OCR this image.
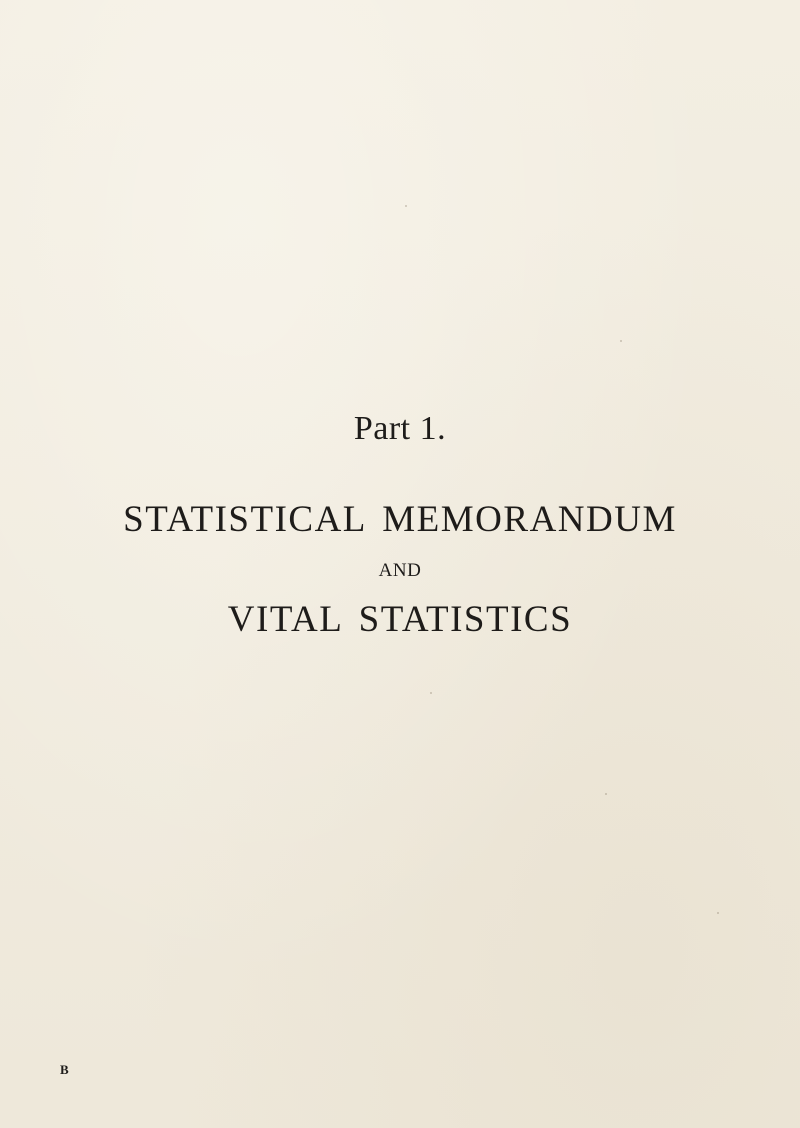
Part 1.
STATISTICAL MEMORANDUM
AND
VITAL STATISTICS
B
